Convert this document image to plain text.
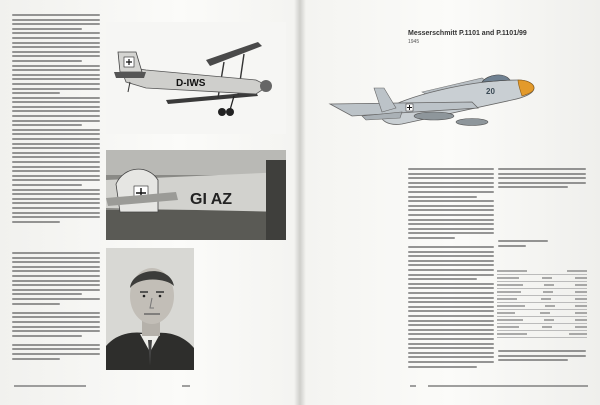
D-IWS
GI AZ
Messerschmitt P.1101 and P.1101/99
1945
20
